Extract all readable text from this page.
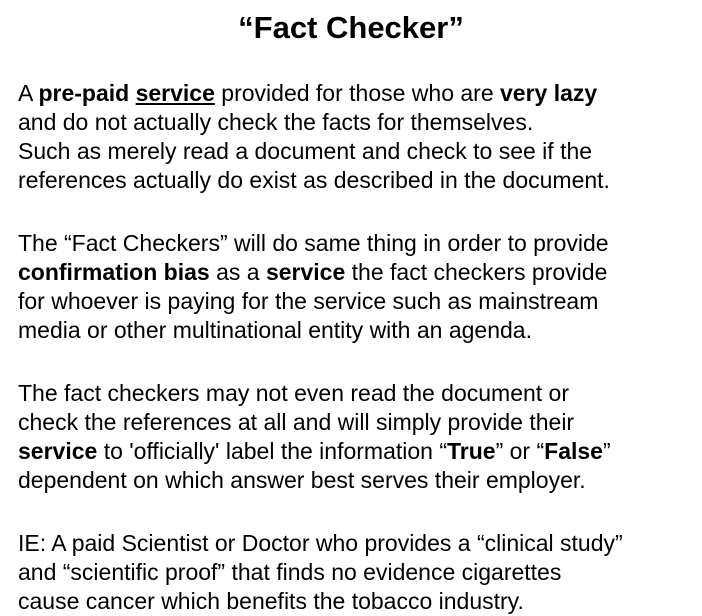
“Fact Checker”
A pre-paid service provided for those who are very lazy
and do not actually check the facts for themselves.
Such as merely read a document and check to see if the
references actually do exist as described in the document.
The “Fact Checkers” will do same thing in order to provide
confirmation bias as a service the fact checkers provide
for whoever is paying for the service such as mainstream
media or other multinational entity with an agenda.
The fact checkers may not even read the document or
check the references at all and will simply provide their
service to 'officially' label the information “True” or “False”
dependent on which answer best serves their employer.
IE: A paid Scientist or Doctor who provides a “clinical study”
and “scientific proof” that finds no evidence cigarettes
cause cancer which benefits the tobacco industry.
